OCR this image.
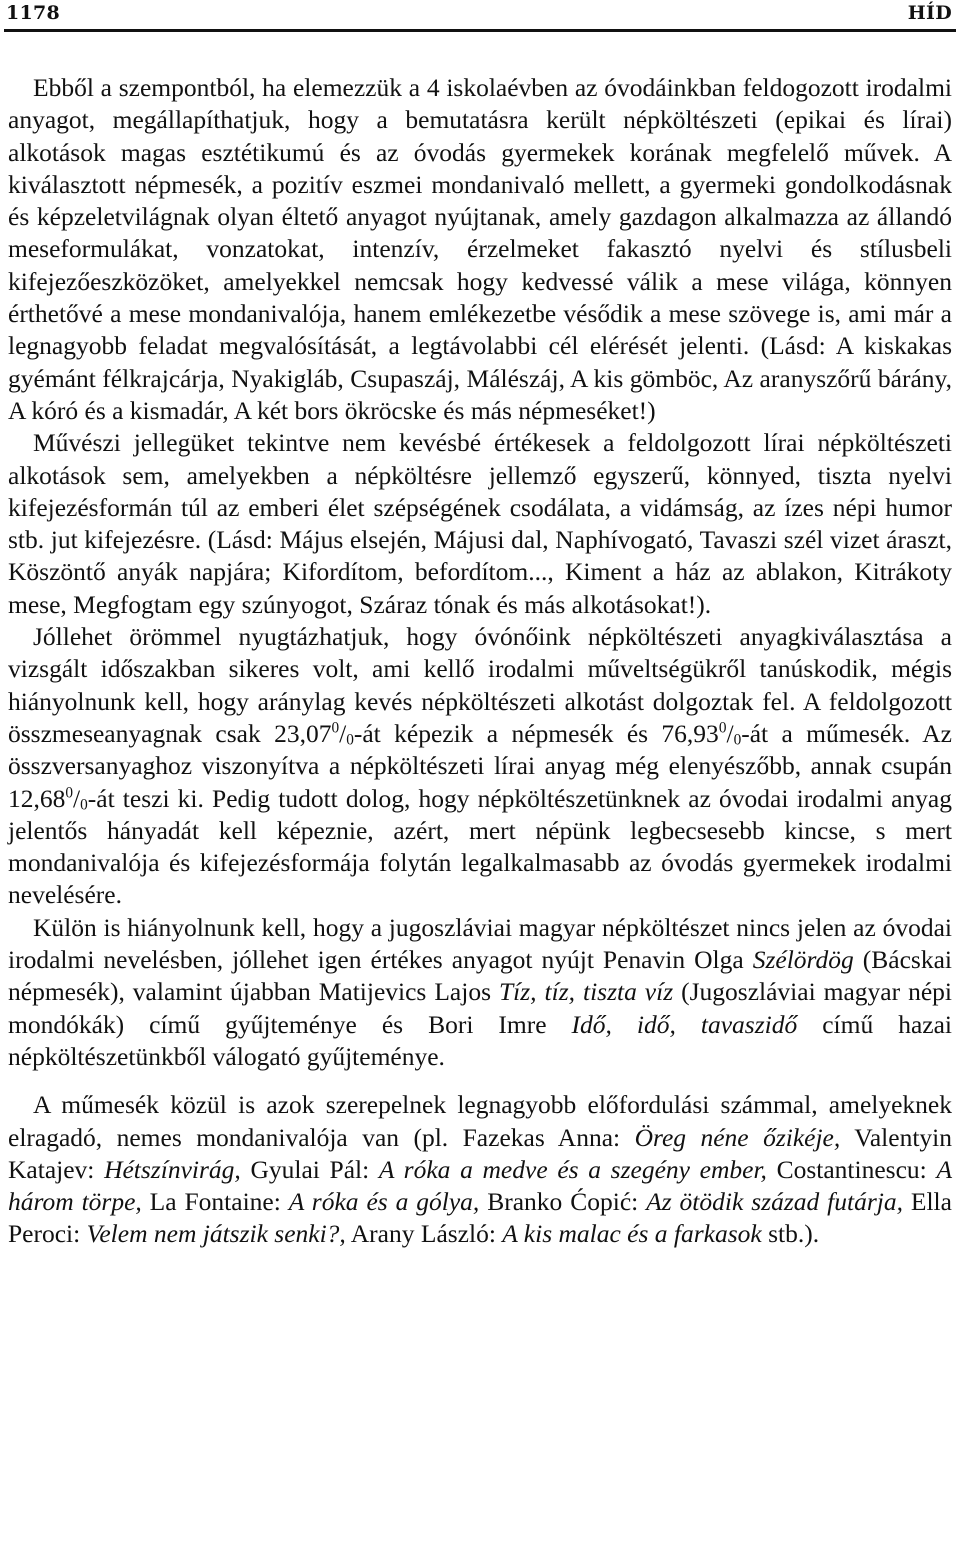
1178	HÍD

Ebből a szempontból, ha elemezzük a 4 iskolaévben az óvodáinkban feldogozott irodalmi anyagot, megállapíthatjuk, hogy a bemutatásra került népköltészeti (epikai és lírai) alkotások magas esztétikumú és az óvodás gyermekek korának megfelelő művek. A kiválasztott népmesék, a pozitív eszmei mondanivaló mellett, a gyermeki gondolkodásnak és képzeletvilágnak olyan éltető anyagot nyújtanak, amely gazdagon alkalmazza az állandó meseformulákat, vonzatokat, intenzív, érzelmeket fakasztó nyelvi és stílusbeli kifejezőeszközöket, amelyekkel nemcsak hogy kedvessé válik a mese világa, könnyen érthetővé a mese mondanivalója, hanem emlékezetbe vésődik a mese szövege is, ami már a legnagyobb feladat megvalósítását, a legtávolabbi cél elérését jelenti. (Lásd: A kiskakas gyémánt félkrajcárja, Nyakigláb, Csupaszáj, Málészáj, A kis gömböc, Az aranyszőrű bárány, A kóró és a kismadár, A két bors ökröcske és más népmeséket!)

Művészi jellegüket tekintve nem kevésbé értékesek a feldolgozott lírai népköltészeti alkotások sem, amelyekben a népköltésre jellemző egyszerű, könnyed, tiszta nyelvi kifejezésformán túl az emberi élet szépségének csodálata, a vidámság, az ízes népi humor stb. jut kifejezésre. (Lásd: Május elsején, Májusi dal, Naphívogató, Tavaszi szél vizet áraszt, Köszöntő anyák napjára; Kifordítom, befordítom..., Kiment a ház az ablakon, Kitrákoty mese, Megfogtam egy szúnyogot, Száraz tónak és más alkotásokat!).

Jóllehet örömmel nyugtázhatjuk, hogy óvónőink népköltészeti anyagkiválasztása a vizsgált időszakban sikeres volt, ami kellő irodalmi műveltségükről tanúskodik, mégis hiányolnunk kell, hogy aránylag kevés népköltészeti alkotást dolgoztak fel. A feldolgozott összmeseanyagnak csak $23,07^0/_0-át$ képezik a népmesék és $76,93^0/_0-át$ a műmesék. Az összversanyaghoz viszonyítva a népköltészeti lírai anyag még elenyészőbb, annak csupán $12,68^0/_0-át$ teszi ki. Pedig tudott dolog, hogy népköltészetünknek az óvodai irodalmi anyag jelentős hányadát kell képeznie, azért, mert népünk legbecsesebb kincse, s mert mondanivalója és kifejezésformája folytán legalkalmasabb az óvodás gyermekek irodalmi nevelésére.

Külön is hiányolnunk kell, hogy a jugoszláviai magyar népköltészet nincs jelen az óvodai irodalmi nevelésben, jóllehet igen értékes anyagot nyújt Penavin Olga Szélördög (Bácskai népmesék), valamint újabban Matijevics Lajos Tíz, tíz, tiszta víz (Jugoszláviai magyar népi mondókák) című gyűjteménye és Bori Imre Idő, idő, tavaszidő című hazai népköltészetünkből válogató gyűjteménye.

A műmesék közül is azok szerepelnek legnagyobb előfordulási számmal, amelyeknek elragadó, nemes mondanivalója van (pl. Fazekas Anna: Öreg néne őzikéje, Valentyin Katajev: Hétszínvirág, Gyulai Pál: A róka a medve és a szegény ember, Costantinescu: A három törpe, La Fontaine: A róka és a gólya, Branko Ćopić: Az ötödik század futárja, Ella Peroci: Velem nem játszik senki?, Arany László: A kis malac és a farkasok stb.).
